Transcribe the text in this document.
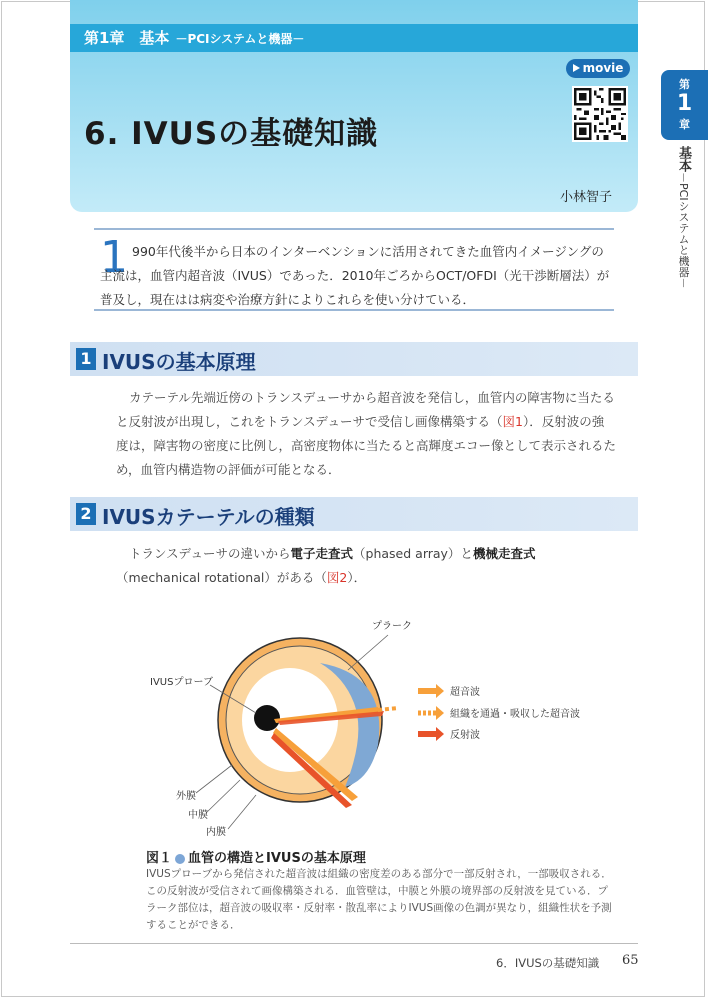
第1章　基本 －PCIシステムと機器－
movie
6. IVUSの基礎知識
小林智子
第
1
章
基本－PCIシステムと機器－
1 990年代後半から日本のインターベンションに活用されてきた血管内イメージングの主流は，血管内超音波（IVUS）であった．2010年ごろからOCT/OFDI（光干渉断層法）が普及し，現在はは病変や治療方針によりこれらを使い分けている．

1 IVUSの基本原理

カテーテル先端近傍のトランスデューサから超音波を発信し，血管内の障害物に当たると反射波が出現し，これをトランスデューサで受信し画像構築する（図1）．反射波の強度は，障害物の密度に比例し，高密度物体に当たると高輝度エコー像として表示されるため，血管内構造物の評価が可能となる．

2 IVUSカテーテルの種類

トランスデューサの違いから電子走査式（phased array）と機械走査式（mechanical rotational）がある（図2）．

プラーク
IVUSプローブ
外膜
中膜
内膜
超音波
組織を通過・吸収した超音波
反射波
図１ 血管の構造とIVUSの基本原理

IVUSプローブから発信された超音波は組織の密度差のある部分で一部反射され，一部吸収される．この反射波が受信されて画像構築される．血管壁は，中膜と外膜の境界部の反射波を見ている．プラーク部位は，超音波の吸収率・反射率・散乱率によりIVUS画像の色調が異なり，組織性状を予測することができる．

6．IVUSの基礎知識 65
